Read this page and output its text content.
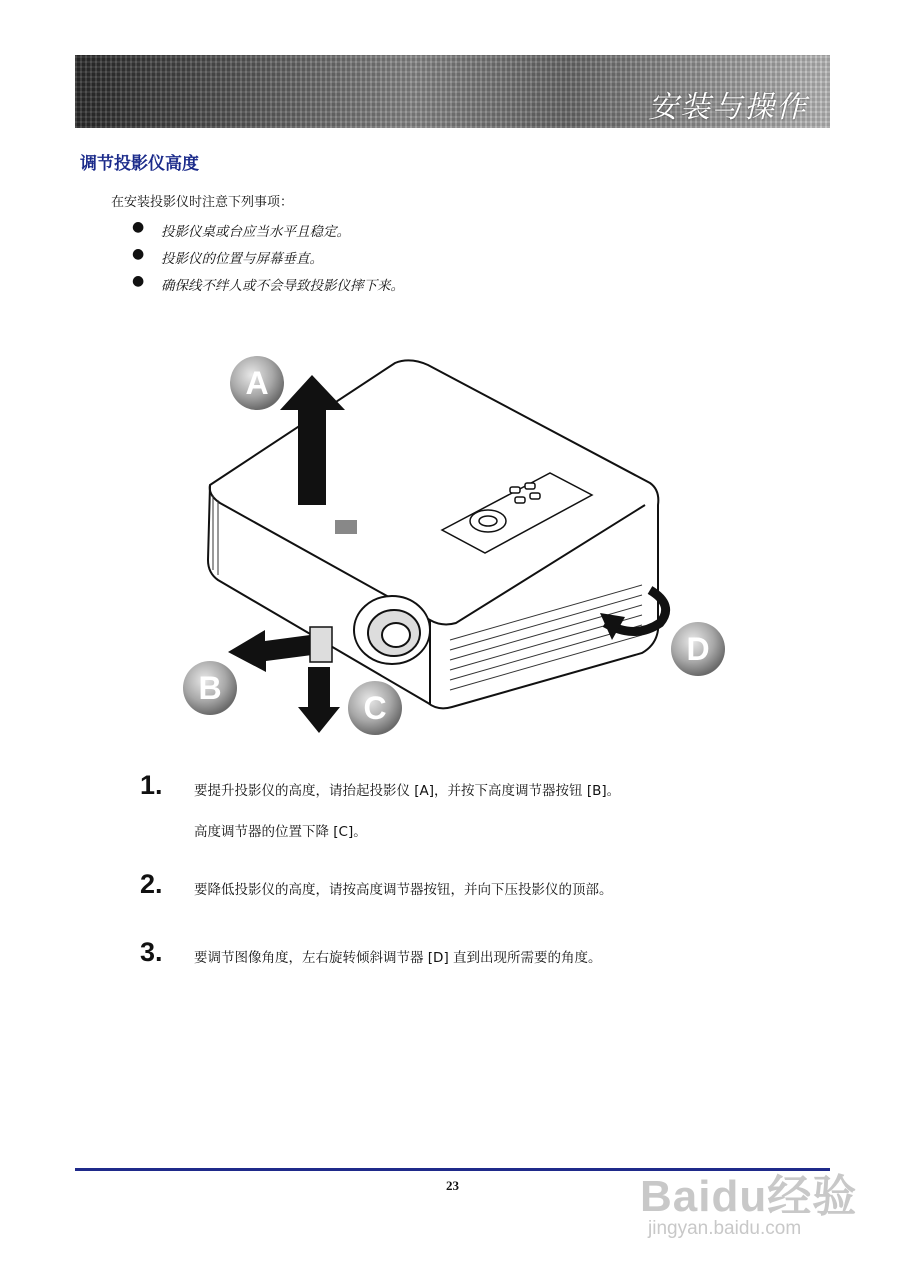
安装与操作
调节投影仪高度
在安装投影仪时注意下列事项：
● 投影仪桌或台应当水平且稳定。
● 投影仪的位置与屏幕垂直。
● 确保线不绊人或不会导致投影仪摔下来。
A
B
C
D
1. 要提升投影仪的高度，请抬起投影仪 [A]，并按下高度调节器按钮 [B]。
高度调节器的位置下降 [C]。
2. 要降低投影仪的高度，请按高度调节器按钮，并向下压投影仪的顶部。
3. 要调节图像角度，左右旋转倾斜调节器 [D] 直到出现所需要的角度。
23	Baidu经验
jingyan.baidu.com
